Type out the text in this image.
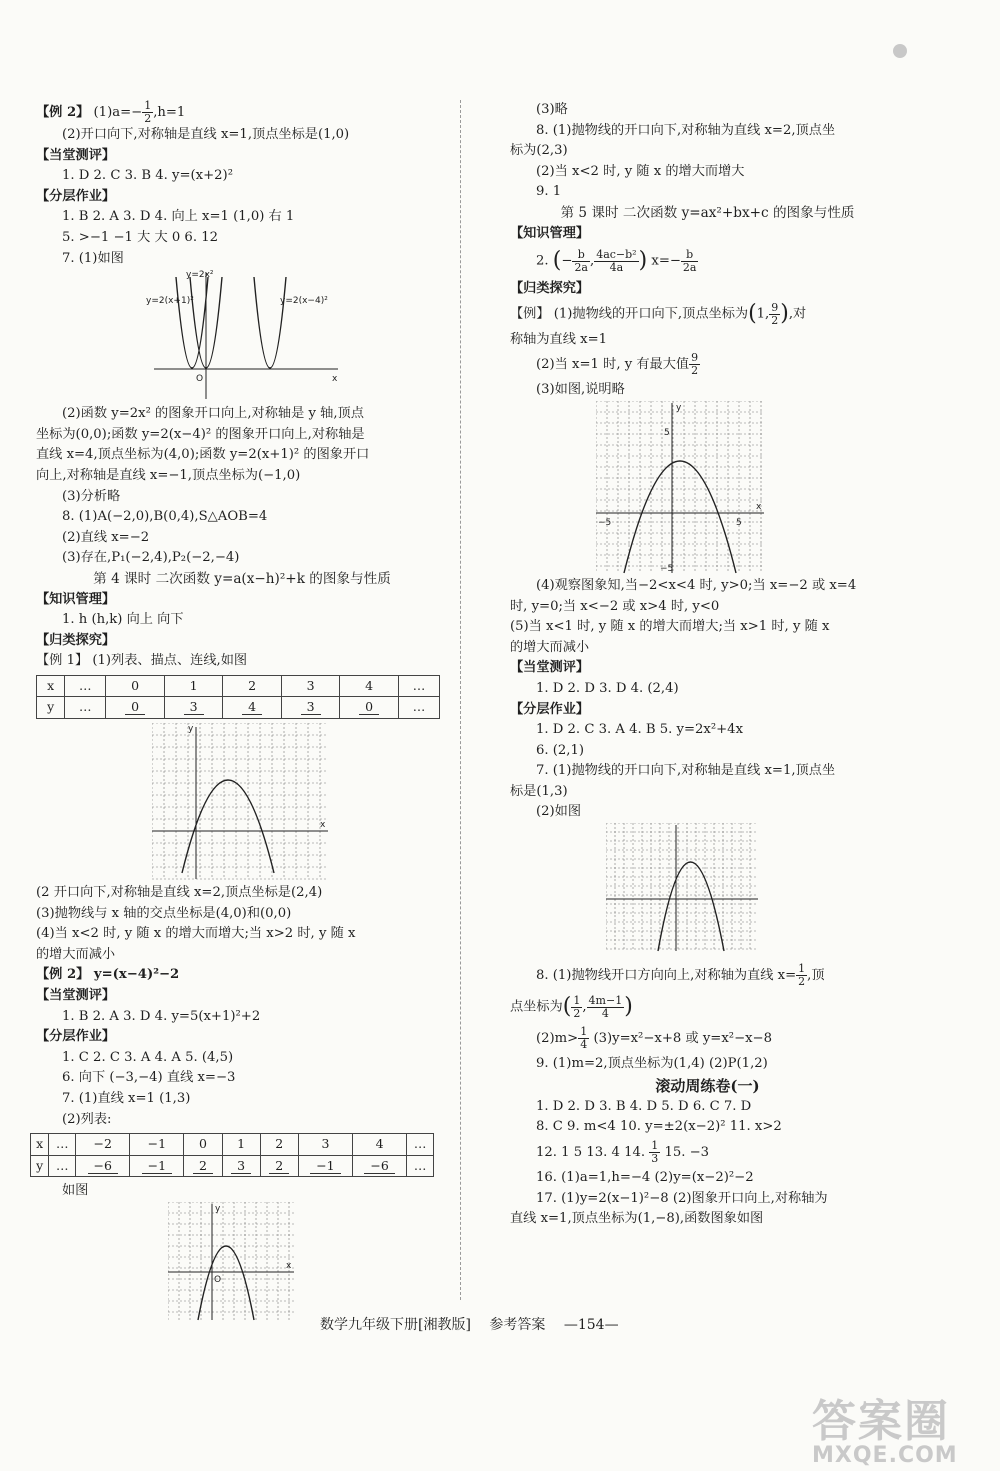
【例 2】 $(1)a=- \frac{1}{2} ,h=1$
(2)开口向下,对称轴是直线 x=1,顶点坐标是(1,0)
【当堂测评】
1. D 2. C 3. B 4. y=(x+2)²
【分层作业】
1. B 2. A 3. D 4. 向上 x=1 (1,0) 右 1
5. >−1 −1 大 大 0 6. 12
7. (1)如图
x
O
y=2x²
y=2(x+1)²	y=2(x−4)²
(2)函数 y=2x² 的图象开口向上,对称轴是 y 轴,顶点
坐标为(0,0);函数 y=2(x−4)² 的图象开口向上,对称轴是
直线 x=4,顶点坐标为(4,0);函数 y=2(x+1)² 的图象开口
向上,对称轴是直线 x=−1,顶点坐标为(−1,0)
(3)分析略
8. (1)A(−2,0),B(0,4),S△AOB=4
(2)直线 x=−2
(3)存在,P₁(−2,4),P₂(−2,−4)
第 4 课时 二次函数 y=a(x−h)²+k 的图象与性质
【知识管理】
1. h (h,k) 向上 向下
【归类探究】
【例 1】 (1)列表、描点、连线,如图
x	…	0	1	2	3	4	…
y	…	0	3	4	3	0	…
x
y
(2 开口向下,对称轴是直线 x=2,顶点坐标是(2,4)
(3)抛物线与 x 轴的交点坐标是(4,0)和(0,0)
(4)当 x<2 时, y 随 x 的增大而增大;当 x>2 时, y 随 x
的增大而减小
【例 2】 y=(x−4)²−2
【当堂测评】
1. B 2. A 3. D 4. y=5(x+1)²+2
【分层作业】
1. C 2. C 3. A 4. A 5. (4,5)
6. 向下 (−3,−4) 直线 x=−3
7. (1)直线 x=1 (1,3)
(2)列表:
x	…	−2	−1	0	1	2	3	4	…
y	…	−6	−1	2	3	2	−1	−6	…
如图
x
y
O
(3)略
8. (1)抛物线的开口向下,对称轴为直线 x=2,顶点坐
标为(2,3)
(2)当 x<2 时, y 随 x 的增大而增大
9. 1
第 5 课时 二次函数 y=ax²+bx+c 的图象与性质
【知识管理】
2. (− $\frac{b}{2a}$ , $\frac{\text{4ac−b²}}{4a}$ ) $x=- \frac{b}{2a}$
【归类探究】
【例】 (1)抛物线的开口向下,顶点坐标为(1, $\frac{9}{2}$ ),对
称轴为直线 x=1
(2)当 x=1 时, y 有最大值 $\frac{9}{2}$
(3)如图,说明略
y
x
5
−5
5
−5
(4)观察图象知,当−2<x<4 时, y>0;当 x=−2 或 x=4
时, y=0;当 x<−2 或 x>4 时, y<0
(5)当 x<1 时, y 随 x 的增大而增大;当 x>1 时, y 随 x
的增大而减小
【当堂测评】
1. D 2. D 3. D 4. (2,4)
【分层作业】
1. D 2. C 3. A 4. B 5. y=2x²+4x
6. (2,1)
7. (1)抛物线的开口向下,对称轴是直线 x=1,顶点坐
标是(1,3)
(2)如图
8. (1)抛物线开口方向向上,对称轴为直线 $x= \frac{1}{2}$ ,顶
点坐标为( $\frac{1}{2}$ , $\frac{4m-1}{4}$ )
$(2)m> \frac{1}{4} (3)y=x^2-x+8$ 或 y=x²−x−8
9. (1)m=2,顶点坐标为(1,4) (2)P(1,2)
滚动周练卷(一)
1. D 2. D 3. B 4. D 5. D 6. C 7. D
8. C 9. m<4 10. y=±2(x−2)² 11. x>2
12. 1 5 13. 4 14. $\frac{1}{3} 15$. −3
16. (1)a=1,h=−4 (2)y=(x−2)²−2
17. (1)y=2(x−1)²−8 (2)图象开口向上,对称轴为
直线 x=1,顶点坐标为(1,−8),函数图象如图
数学九年级下册[湘教版] 参考答案 —154—
答案圈
MXQE.COM
